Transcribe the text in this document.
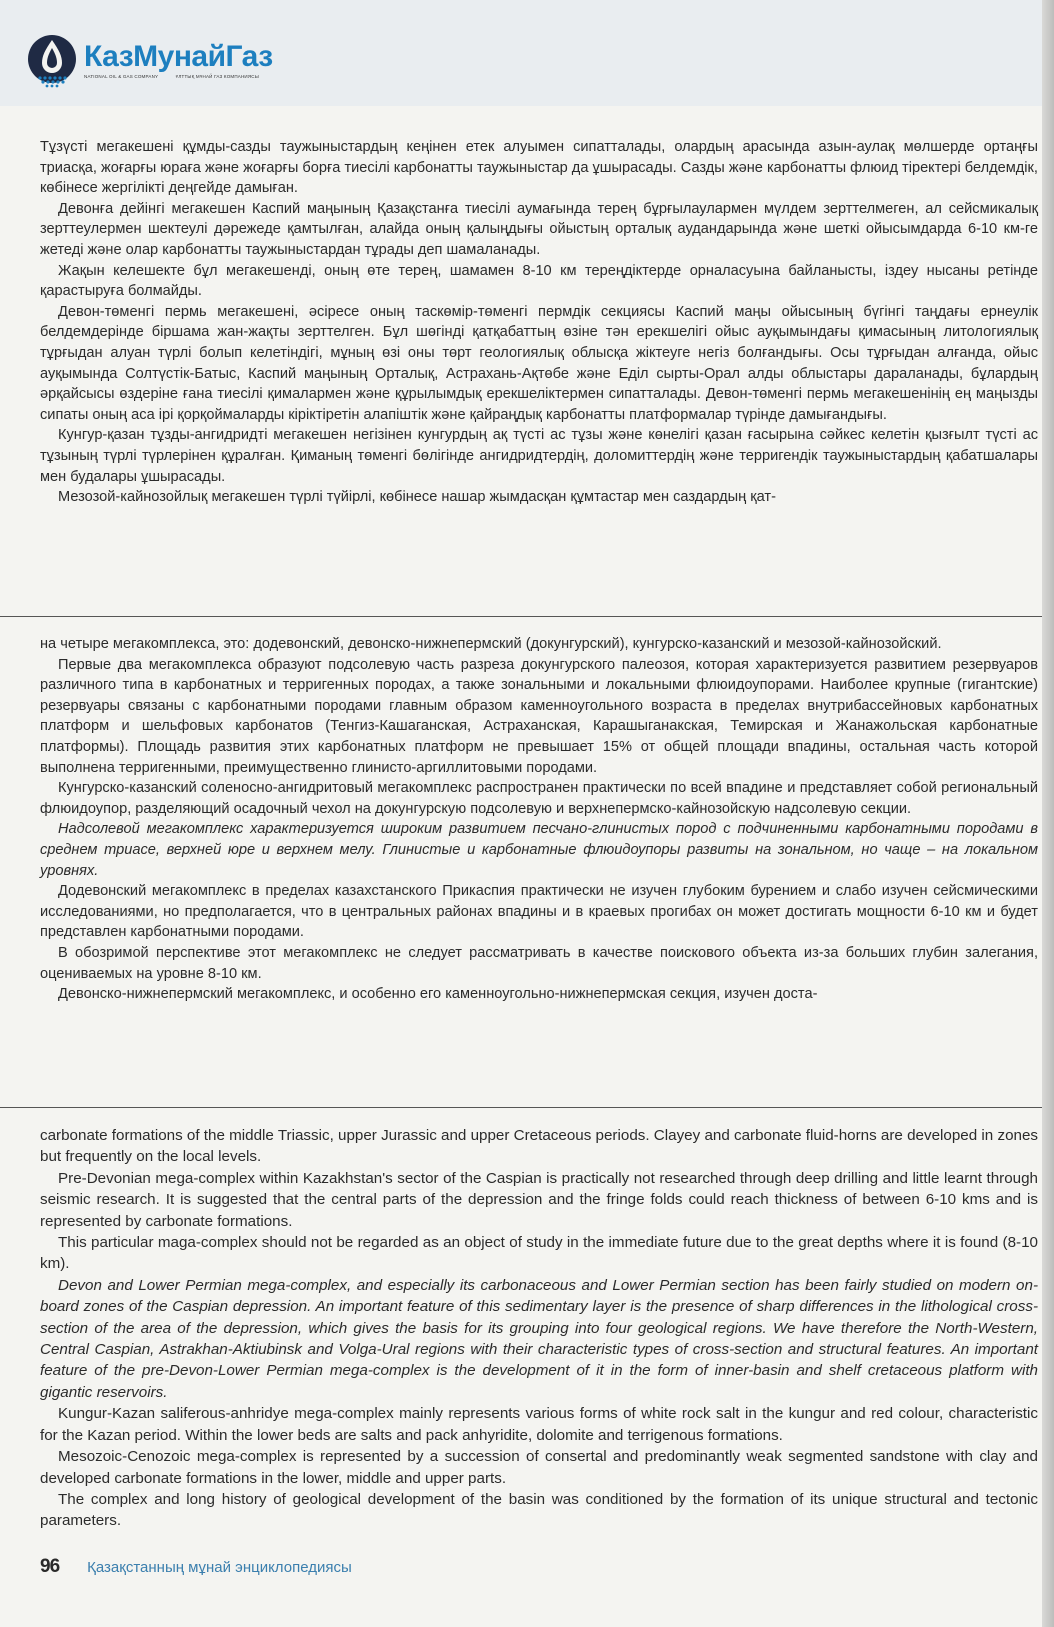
КазМунайГаз
NATIONAL OIL & GAS COMPANY	ҰЛТТЫҚ МҰНАЙ ГАЗ КОМПАНИЯСЫ

Тұзүсті мегакешені құмды-сазды таужыныстардың кеңінен етек алуымен сипатталады, олардың арасында азын-аулақ мөлшерде ортаңғы триасқа, жоғарғы юраға және жоғарғы борға тиесілі карбонатты таужыныстар да ұшырасады. Сазды және карбонатты флюид тіректері белдемдік, көбінесе жергілікті деңгейде дамыған.

Девонға дейінгі мегакешен Каспий маңының Қазақстанға тиесілі аумағында терең бұрғылаулармен мүлдем зерттелмеген, ал сейсмикалық зерттеулермен шектеулі дәрежеде қамтылған, алайда оның қалыңдығы ойыстың орталық аудандарында және шеткі ойысымдарда 6-10 км-ге жетеді және олар карбонатты таужыныстардан тұрады деп шамаланады.

Жақын келешекте бұл мегакешенді, оның өте терең, шамамен 8-10 км тереңдіктерде орналасуына байланысты, іздеу нысаны ретінде қарастыруға болмайды.

Девон-төменгі пермь мегакешені, әсіресе оның таскөмір-төменгі пермдік секциясы Каспий маңы ойысының бүгінгі таңдағы ернеулік белдемдерінде біршама жан-жақты зерттелген. Бұл шөгінді қатқабаттың өзіне тән ерекшелігі ойыс ауқымындағы қимасының литологиялық тұрғыдан алуан түрлі болып келетіндігі, мұның өзі оны төрт геологиялық облысқа жіктеуге негіз болғандығы. Осы тұрғыдан алғанда, ойыс ауқымында Солтүстік-Батыс, Каспий маңының Орталық, Астрахань-Ақтөбе және Еділ сырты-Орал алды облыстары дараланады, бұлардың әрқайсысы өздеріне ғана тиесілі қималармен және құрылымдық ерекшеліктермен сипатталады. Девон-төменгі пермь мегакешенінің ең маңызды сипаты оның аса ірі қорқоймаларды кіріктіретін алапіштік және қайраңдық карбонатты платформалар түрінде дамығандығы.

Кунгур-қазан тұзды-ангидридті мегакешен негізінен кунгурдың ақ түсті ас тұзы және көнелігі қазан ғасырына сәйкес келетін қызғылт түсті ас тұзының түрлі түрлерінен құралған. Қиманың төменгі бөлігінде ангидридтердің, доломиттердің және терригендік таужыныстардың қабатшалары мен будалары ұшырасады.

Мезозой-кайнозойлық мегакешен түрлі түйірлі, көбінесе нашар жымдасқан құмтастар мен саздардың қат-

на четыре мегакомплекса, это: додевонский, девонско-нижнепермский (докунгурский), кунгурско-казанский и мезозой-кайнозойский.

Первые два мегакомплекса образуют подсолевую часть разреза докунгурского палеозоя, которая характеризуется развитием резервуаров различного типа в карбонатных и терригенных породах, а также зональными и локальными флюидоупорами. Наиболее крупные (гигантские) резервуары связаны с карбонатными породами главным образом каменноугольного возраста в пределах внутрибассейновых карбонатных платформ и шельфовых карбонатов (Тенгиз-Кашаганская, Астраханская, Карашыганакская, Темирская и Жанажольская карбонатные платформы). Площадь развития этих карбонатных платформ не превышает 15% от общей площади впадины, остальная часть которой выполнена терригенными, преимущественно глинисто-аргиллитовыми породами.

Кунгурско-казанский соленосно-ангидритовый мегакомплекс распространен практически по всей впадине и представляет собой региональный флюидоупор, разделяющий осадочный чехол на докунгурскую подсолевую и верхнепермско-кайнозойскую надсолевую секции.

Надсолевой мегакомплекс характеризуется широким развитием песчано-глинистых пород с подчиненными карбонатными породами в среднем триасе, верхней юре и верхнем мелу. Глинистые и карбонатные флюидоупоры развиты на зональном, но чаще – на локальном уровнях.

Додевонский мегакомплекс в пределах казахстанского Прикаспия практически не изучен глубоким бурением и слабо изучен сейсмическими исследованиями, но предполагается, что в центральных районах впадины и в краевых прогибах он может достигать мощности 6-10 км и будет представлен карбонатными породами.

В обозримой перспективе этот мегакомплекс не следует рассматривать в качестве поискового объекта из-за больших глубин залегания, оцениваемых на уровне 8-10 км.

Девонско-нижнепермский мегакомплекс, и особенно его каменноугольно-нижнепермская секция, изучен доста-

carbonate formations of the middle Triassic, upper Jurassic and upper Cretaceous periods. Clayey and carbonate fluid-horns are developed in zones but frequently on the local levels.

Pre-Devonian mega-complex within Kazakhstan's sector of the Caspian is practically not researched through deep drilling and little learnt through seismic research. It is suggested that the central parts of the depression and the fringe folds could reach thickness of between 6-10 kms and is represented by carbonate formations.

This particular maga-complex should not be regarded as an object of study in the immediate future due to the great depths where it is found (8-10 km).

Devon and Lower Permian mega-complex, and especially its carbonaceous and Lower Permian section has been fairly studied on modern on-board zones of the Caspian depression. An important feature of this sedimentary layer is the presence of sharp differences in the lithological cross-section of the area of the depression, which gives the basis for its grouping into four geological regions. We have therefore the North-Western, Central Caspian, Astrakhan-Aktiubinsk and Volga-Ural regions with their characteristic types of cross-section and structural features. An important feature of the pre-Devon-Lower Permian mega-complex is the development of it in the form of inner-basin and shelf cretaceous platform with gigantic reservoirs.

Kungur-Kazan saliferous-anhridye mega-complex mainly represents various forms of white rock salt in the kungur and red colour, characteristic for the Kazan period. Within the lower beds are salts and pack anhyridite, dolomite and terrigenous formations.

Mesozoic-Cenozoic mega-complex is represented by a succession of consertal and predominantly weak segmented sandstone with clay and developed carbonate formations in the lower, middle and upper parts.

The complex and long history of geological development of the basin was conditioned by the formation of its unique structural and tectonic parameters.

96 Қазақстанның мұнай энциклопедиясы
